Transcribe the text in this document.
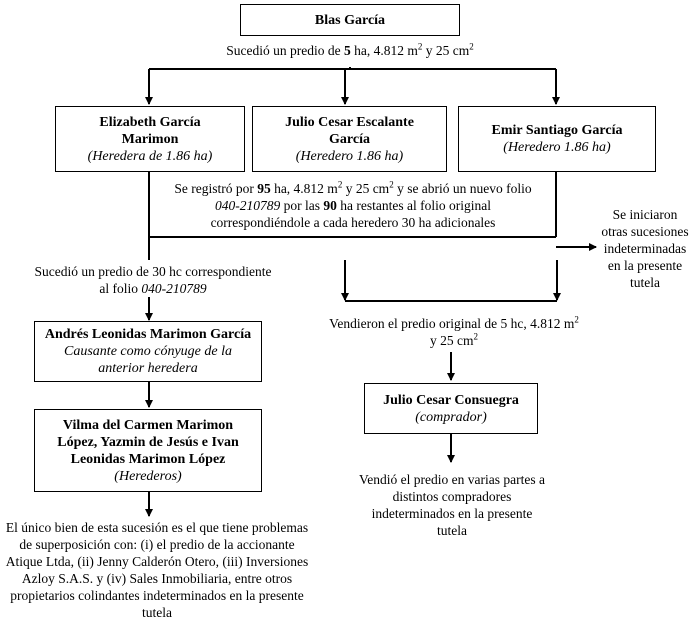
Blas García
Sucedió un predio de 5 ha, 4.812 $m^2$ y 25 $cm^2$
Elizabeth García Marimon
(Heredera de 1.86 ha)
Julio Cesar Escalante García
(Heredero 1.86 ha)
Emir Santiago García
(Heredero 1.86 ha)
Se registró por 95 ha, 4.812 $m^2$ y 25 $cm^2$ y se abrió un nuevo folio
040-210789 por las 90 ha restantes al folio original
correspondiéndole a cada heredero 30 ha adicionales
Se iniciaron otras sucesiones indeterminadas en la presente tutela
Sucedió un predio de 30 hc correspondiente
al folio 040-210789
Vendieron el predio original de 5 hc, 4.812 $m^2$
y 25 $cm^2$
Andrés Leonidas Marimon García
Causante como cónyuge de la
anterior heredera
Vilma del Carmen Marimon
López, Yazmin de Jesús e Ivan
Leonidas Marimon López
(Herederos)
Julio Cesar Consuegra
(comprador)
Vendió el predio en varias partes a distintos compradores indeterminados en la presente tutela
El único bien de esta sucesión es el que tiene problemas de superposición con: (i) el predio de la accionante Atique Ltda, (ii) Jenny Calderón Otero, (iii) Inversiones Azloy S.A.S. y (iv) Sales Inmobiliaria, entre otros propietarios colindantes indeterminados en la presente tutela
